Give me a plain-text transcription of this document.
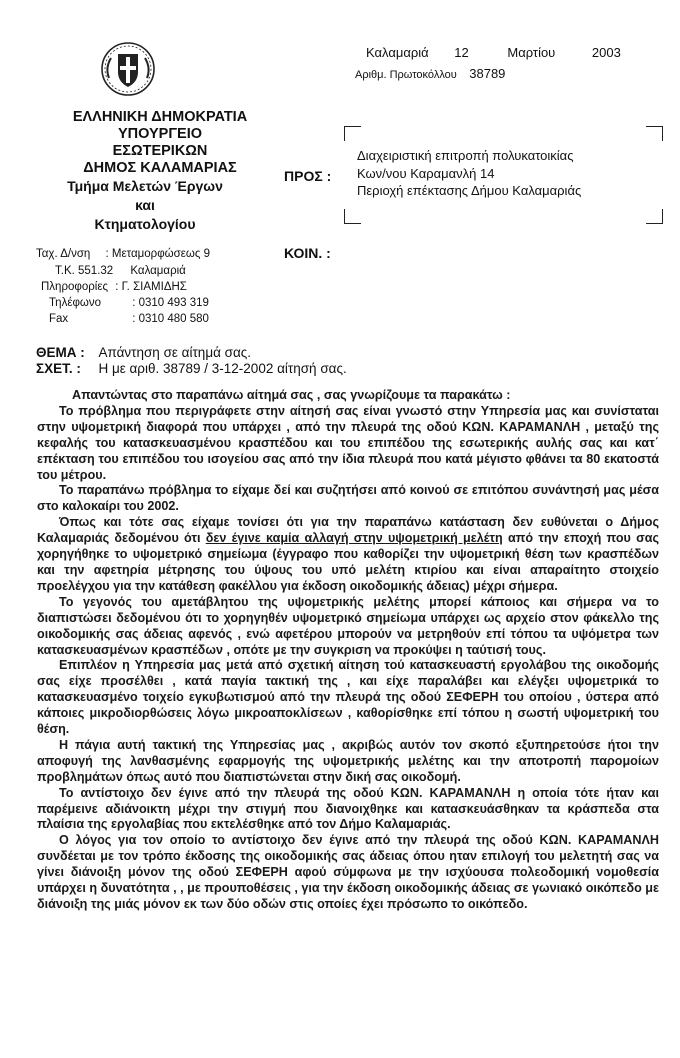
ΕΛΛΗΝΙΚΗ ΔΗΜΟΚΡΑΤΙΑ
ΥΠΟΥΡΓΕΙΟ ΕΣΩΤΕΡΙΚΩΝ
ΔΗΜΟΣ ΚΑΛΑΜΑΡΙΑΣ
Τμήμα Μελετών Έργων
και
Κτηματολογίου
Ταχ. Δ/νση : Μεταμορφώσεως 9
Τ.Κ. 551.32 Καλαμαριά
Πληροφορίες : Γ. ΣΙΑΜΙΔΗΣ
Τηλέφωνο	: 0310 493 319
Fax	: 0310 480 580
Καλαμαριά 12	Μαρτίου	2003
Αριθμ. Πρωτοκόλλου 38789
ΠΡΟΣ :
Διαχειριστική επιτροπή πολυκατοικίας
Κων/νου Καραμανλή 14
Περιοχή επέκτασης Δήμου Καλαμαριάς
ΚΟΙΝ. :
ΘΕΜΑ : Απάντηση σε αίτημά σας.
ΣΧΕΤ. : Η με αριθ. 38789 / 3-12-2002 αίτησή σας.

Απαντώντας στο παραπάνω αίτημά σας , σας γνωρίζουμε τα παρακάτω :

Το πρόβλημα που περιγράφετε στην αίτησή σας είναι γνωστό στην Υπηρεσία μας και συνίσταται στην υψομετρική διαφορά που υπάρχει , από την πλευρά της οδού ΚΩΝ. ΚΑΡΑΜΑΝΛΗ , μεταξύ της κεφαλής του κατασκευασμένου κρασπέδου και του επιπέδου της εσωτερικής αυλής σας και κατ΄ επέκταση του επιπέδου του ισογείου σας από την ίδια πλευρά που κατά μέγιστο φθάνει τα 80 εκατοστά του μέτρου.

Το παραπάνω πρόβλημα το είχαμε δεί και συζητήσει από κοινού σε επιτόπου συνάντησή μας μέσα στο καλοκαίρι του 2002.

Όπως και τότε σας είχαμε τονίσει ότι για την παραπάνω κατάσταση δεν ευθύνεται ο Δήμος Καλαμαριάς δεδομένου ότι δεν έγινε καμία αλλαγή στην υψομετρική μελέτη από την εποχή που σας χορηγήθηκε το υψομετρικό σημείωμα (έγγραφο που καθορίζει την υψομετρική θέση των κρασπέδων και την αφετηρία μέτρησης του ύψους του υπό μελέτη κτιρίου και είναι απαραίτητο στοιχείο προελέγχου για την κατάθεση φακέλλου για έκδοση οικοδομικής άδειας) μέχρι σήμερα.

Το γεγονός του αμετάβλητου της υψομετρικής μελέτης μπορεί κάποιος και σήμερα να το διαπιστώσει δεδομένου ότι το χορηγηθέν υψομετρικό σημείωμα υπάρχει ως αρχείο στον φάκελλο της οικοδομικής σας άδειας αφενός , ενώ αφετέρου μπορούν να μετρηθούν επί τόπου τα υψόμετρα των κατασκευασμένων κρασπέδων , οπότε με την συγκριση να προκύψει η ταύτισή τους.

Επιπλέον η Υπηρεσία μας μετά από σχετική αίτηση τού κατασκευαστή εργολάβου της οικοδομής σας είχε προσέλθει , κατά παγία τακτική της , και είχε παραλάβει και ελέγξει υψομετρικά το κατασκευασμένο τοιχείο εγκυβωτισμού από την πλευρά της οδού ΣΕΦΕΡΗ του οποίου , ύστερα από κάποιες μικροδιορθώσεις λόγω μικροαποκλίσεων , καθορίσθηκε επί τόπου η σωστή υψομετρική του θέση.

Η πάγια αυτή τακτική της Υπηρεσίας μας , ακριβώς αυτόν τον σκοπό εξυπηρετούσε ήτοι την αποφυγή της λανθασμένης εφαρμογής της υψομετρικής μελέτης και την αποτροπή παρομοίων προβλημάτων όπως αυτό που διαπιστώνεται στην δική σας οικοδομή.

Το αντίστοιχο δεν έγινε από την πλευρά της οδού ΚΩΝ. ΚΑΡΑΜΑΝΛΗ η οποία τότε ήταν και παρέμεινε αδιάνοικτη μέχρι την στιγμή που διανοιχθηκε και κατασκευάσθηκαν τα κράσπεδα στα πλαίσια της εργολαβίας που εκτελέσθηκε από τον Δήμο Καλαμαριάς.

Ο λόγος για τον οποίο το αντίστοιχο δεν έγινε από την πλευρά της οδού ΚΩΝ. ΚΑΡΑΜΑΝΛΗ συνδέεται με τον τρόπο έκδοσης της οικοδομικής σας άδειας όπου ηταν επιλογή του μελετητή σας να γίνει διάνοιξη μόνον της οδού ΣΕΦΕΡΗ αφού σύμφωνα με την ισχύουσα πολεοδομική νομοθεσία υπάρχει η δυνατότητα , , με προυποθέσεις , για την έκδοση οικοδομικής άδειας σε γωνιακό οικόπεδο με διάνοιξη της μιάς μόνον εκ των δύο οδών στις οποίες έχει πρόσωπο το οικόπεδο.
